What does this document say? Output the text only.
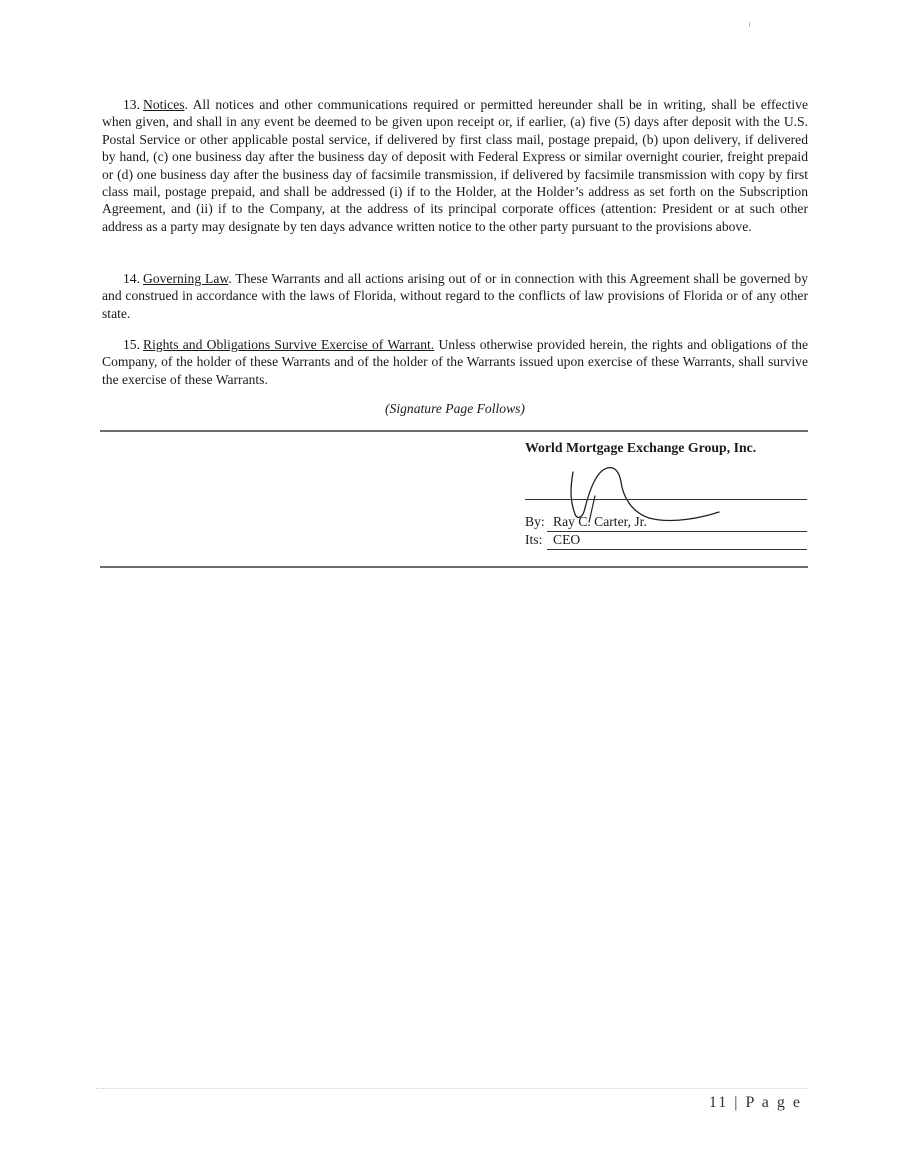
13. Notices. All notices and other communications required or permitted hereunder shall be in writing, shall be effective when given, and shall in any event be deemed to be given upon receipt or, if earlier, (a) five (5) days after deposit with the U.S. Postal Service or other applicable postal service, if delivered by first class mail, postage prepaid, (b) upon delivery, if delivered by hand, (c) one business day after the business day of deposit with Federal Express or similar overnight courier, freight prepaid or (d) one business day after the business day of facsimile transmission, if delivered by facsimile transmission with copy by first class mail, postage prepaid, and shall be addressed (i) if to the Holder, at the Holder’s address as set forth on the Subscription Agreement, and (ii) if to the Company, at the address of its principal corporate offices (attention: President or at such other address as a party may designate by ten days advance written notice to the other party pursuant to the provisions above.

14. Governing Law. These Warrants and all actions arising out of or in connection with this Agreement shall be governed by and construed in accordance with the laws of Florida, without regard to the conflicts of law provisions of Florida or of any other state.

15. Rights and Obligations Survive Exercise of Warrant. Unless otherwise provided herein, the rights and obligations of the Company, of the holder of these Warrants and of the holder of the Warrants issued upon exercise of these Warrants, shall survive the exercise of these Warrants.

(Signature Page Follows)
World Mortgage Exchange Group, Inc.
By: Ray C. Carter, Jr.
Its: CEO
11 | P a g e
